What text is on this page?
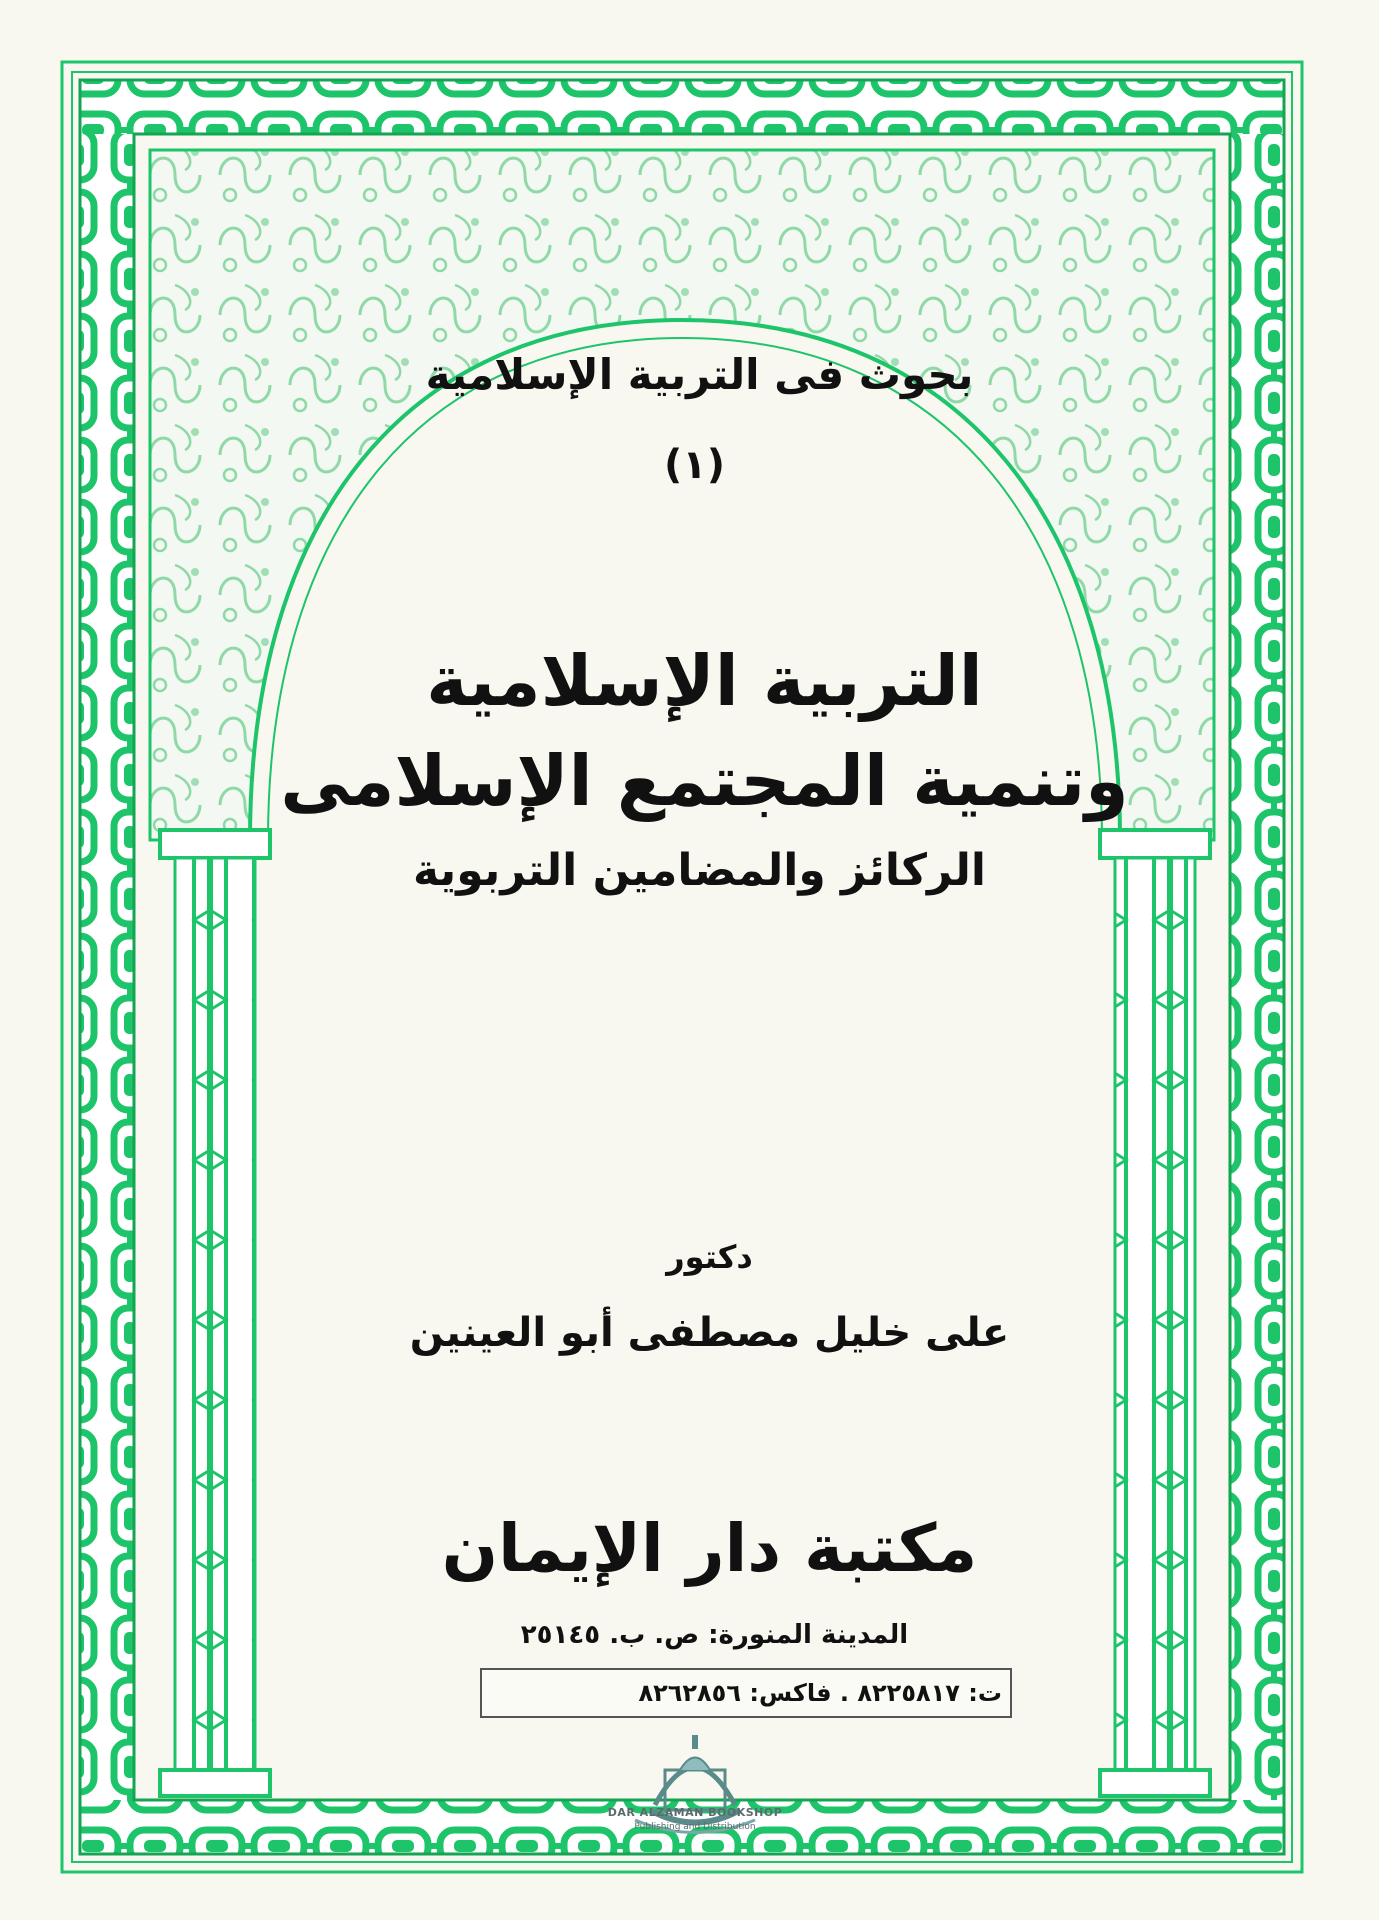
بحوث فى التربية الإسلامية
(١)
التربية الإسلامية
وتنمية المجتمع الإسلامى
الركائز والمضامين التربوية
دكتور
على خليل مصطفى أبو العينين
مكتبة دار الإيمان
المدينة المنورة: ص. ب. ٢٥١٤٥
ت: ٨٢٢٥٨١٧ . فاكس: ٨٢٦٢٨٥٦
DAR ALZAMAN BOOKSHOP
Publishing and Distribution
